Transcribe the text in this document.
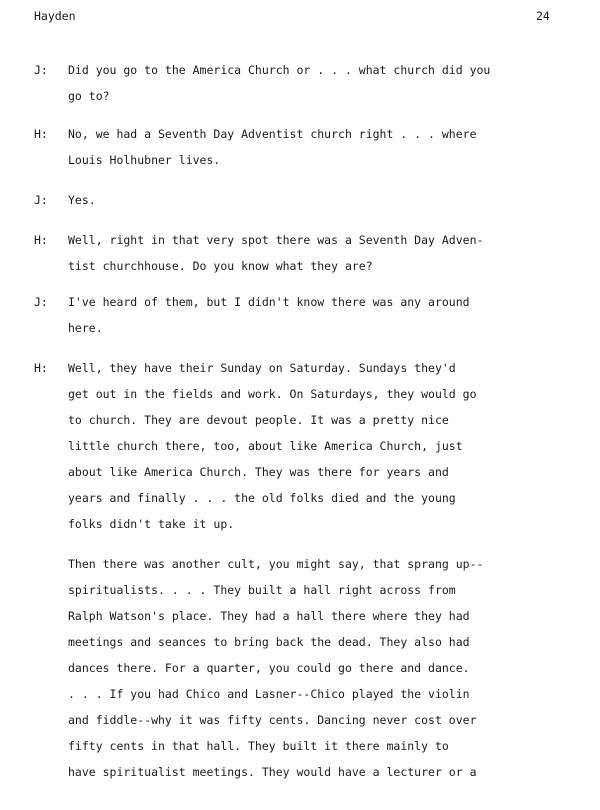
Hayden	24
J: Did you go to the America Church or . . . what church did you
go to?
H: No, we had a Seventh Day Adventist church right . . . where
Louis Holhubner lives.
J: Yes.
H: Well, right in that very spot there was a Seventh Day Adven-
tist churchhouse. Do you know what they are?
J: I've heard of them, but I didn't know there was any around
here.
H: Well, they have their Sunday on Saturday. Sundays they'd
get out in the fields and work. On Saturdays, they would go
to church. They are devout people. It was a pretty nice
little church there, too, about like America Church, just
about like America Church. They was there for years and
years and finally . . . the old folks died and the young
folks didn't take it up.
Then there was another cult, you might say, that sprang up--
spiritualists. . . . They built a hall right across from
Ralph Watson's place. They had a hall there where they had
meetings and seances to bring back the dead. They also had
dances there. For a quarter, you could go there and dance.
. . . If you had Chico and Lasner--Chico played the violin
and fiddle--why it was fifty cents. Dancing never cost over
fifty cents in that hall. They built it there mainly to
have spiritualist meetings. They would have a lecturer or a
